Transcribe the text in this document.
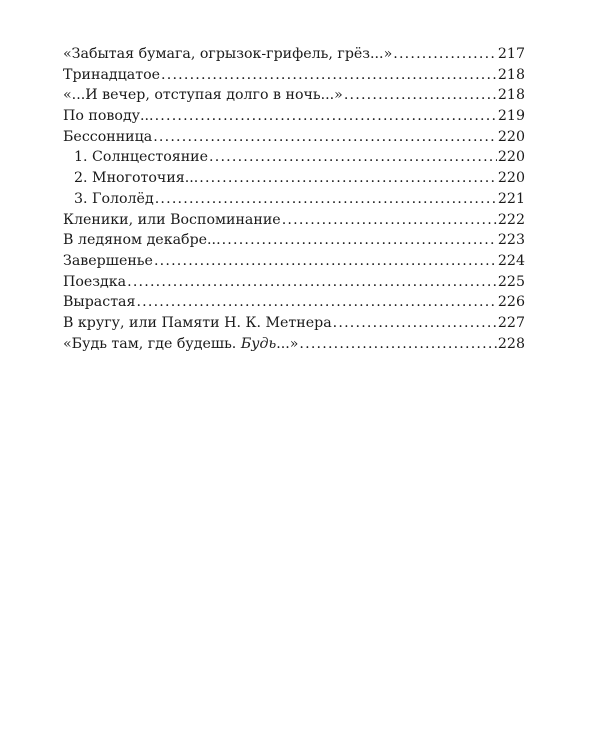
«Забытая бумага, огрызок-грифель, грёз...» .....	217
Тринадцатое .....	218
«...И вечер, отступая долго в ночь...» .....	218
По поводу... .....	219
Бессонница .....	220
1. Солнцестояние .....	220
2. Многоточия... .....	220
3. Гололёд .....	221
Кленики, или Воспоминание .....	222
В ледяном декабре... .....	223
Завершенье .....	224
Поездка .....	225
Вырастая .....	226
В кругу, или Памяти Н. К. Метнера .....	227
«Будь там, где будешь. Будь...» .....	228
